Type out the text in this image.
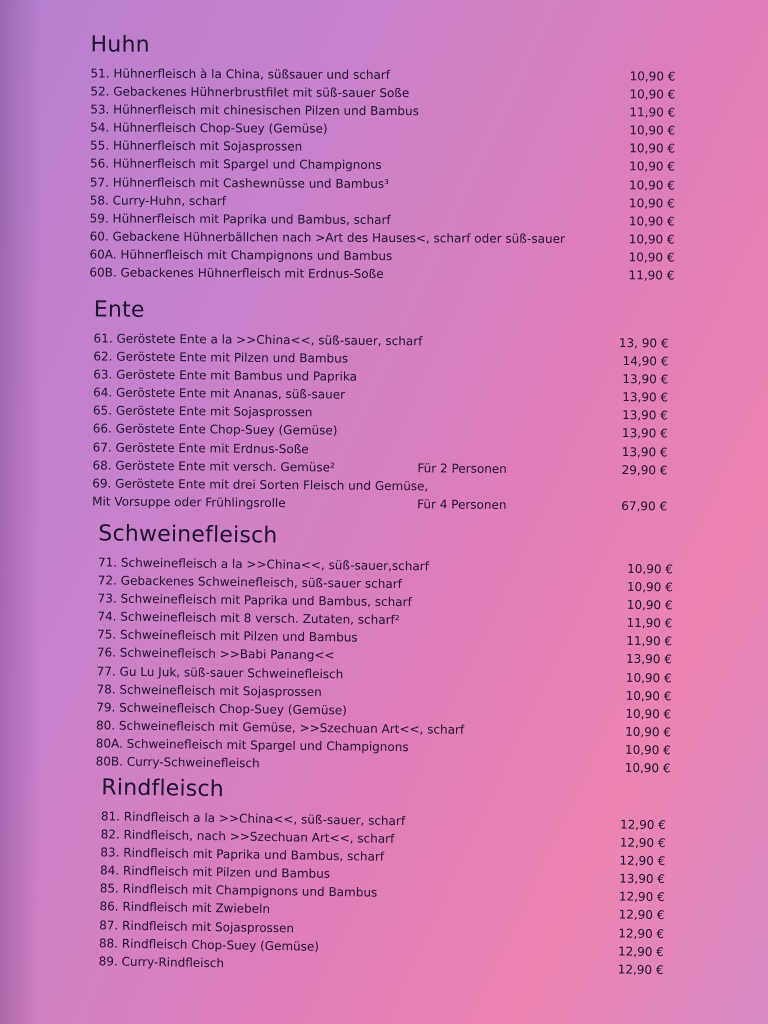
Huhn
51. Hühnerfleisch à la China, süßsauer und scharf	10,90 €
52. Gebackenes Hühnerbrustfilet mit süß-sauer Soße	10,90 €
53. Hühnerfleisch mit chinesischen Pilzen und Bambus	11,90 €
54. Hühnerfleisch Chop-Suey (Gemüse)	10,90 €
55. Hühnerfleisch mit Sojasprossen	10,90 €
56. Hühnerfleisch mit Spargel und Champignons	10,90 €
57. Hühnerfleisch mit Cashewnüsse und Bambus³	10,90 €
58. Curry-Huhn, scharf	10,90 €
59. Hühnerfleisch mit Paprika und Bambus, scharf	10,90 €
60. Gebackene Hühnerbällchen nach >Art des Hauses<, scharf oder süß-sauer	10,90 €
60A. Hühnerfleisch mit Champignons und Bambus	10,90 €
60B. Gebackenes Hühnerfleisch mit Erdnus-Soße	11,90 €
Ente
61. Geröstete Ente a la >>China<<, süß-sauer, scharf	13, 90 €
62. Geröstete Ente mit Pilzen und Bambus	14,90 €
63. Geröstete Ente mit Bambus und Paprika	13,90 €
64. Geröstete Ente mit Ananas, süß-sauer	13,90 €
65. Geröstete Ente mit Sojasprossen	13,90 €
66. Geröstete Ente Chop-Suey (Gemüse)	13,90 €
67. Geröstete Ente mit Erdnus-Soße	13,90 €
68. Geröstete Ente mit versch. Gemüse²	Für 2 Personen	29,90 €
69. Geröstete Ente mit drei Sorten Fleisch und Gemüse,
Mit Vorsuppe oder Frühlingsrolle	Für 4 Personen	67,90 €
Schweinefleisch
71. Schweinefleisch a la >>China<<, süß-sauer,scharf	10,90 €
72. Gebackenes Schweinefleisch, süß-sauer scharf	10,90 €
73. Schweinefleisch mit Paprika und Bambus, scharf	10,90 €
74. Schweinefleisch mit 8 versch. Zutaten, scharf²	11,90 €
75. Schweinefleisch mit Pilzen und Bambus	11,90 €
76. Schweinefleisch >>Babi Panang<<	13,90 €
77. Gu Lu Juk, süß-sauer Schweinefleisch	10,90 €
78. Schweinefleisch mit Sojasprossen	10,90 €
79. Schweinefleisch Chop-Suey (Gemüse)	10,90 €
80. Schweinefleisch mit Gemüse, >>Szechuan Art<<, scharf	10,90 €
80A. Schweinefleisch mit Spargel und Champignons	10,90 €
80B. Curry-Schweinefleisch	10,90 €
Rindfleisch
81. Rindfleisch a la >>China<<, süß-sauer, scharf	12,90 €
82. Rindfleisch, nach >>Szechuan Art<<, scharf	12,90 €
83. Rindfleisch mit Paprika und Bambus, scharf	12,90 €
84. Rindfleisch mit Pilzen und Bambus	13,90 €
85. Rindfleisch mit Champignons und Bambus	12,90 €
86. Rindfleisch mit Zwiebeln	12,90 €
87. Rindfleisch mit Sojasprossen	12,90 €
88. Rindfleisch Chop-Suey (Gemüse)	12,90 €
89. Curry-Rindfleisch	12,90 €
